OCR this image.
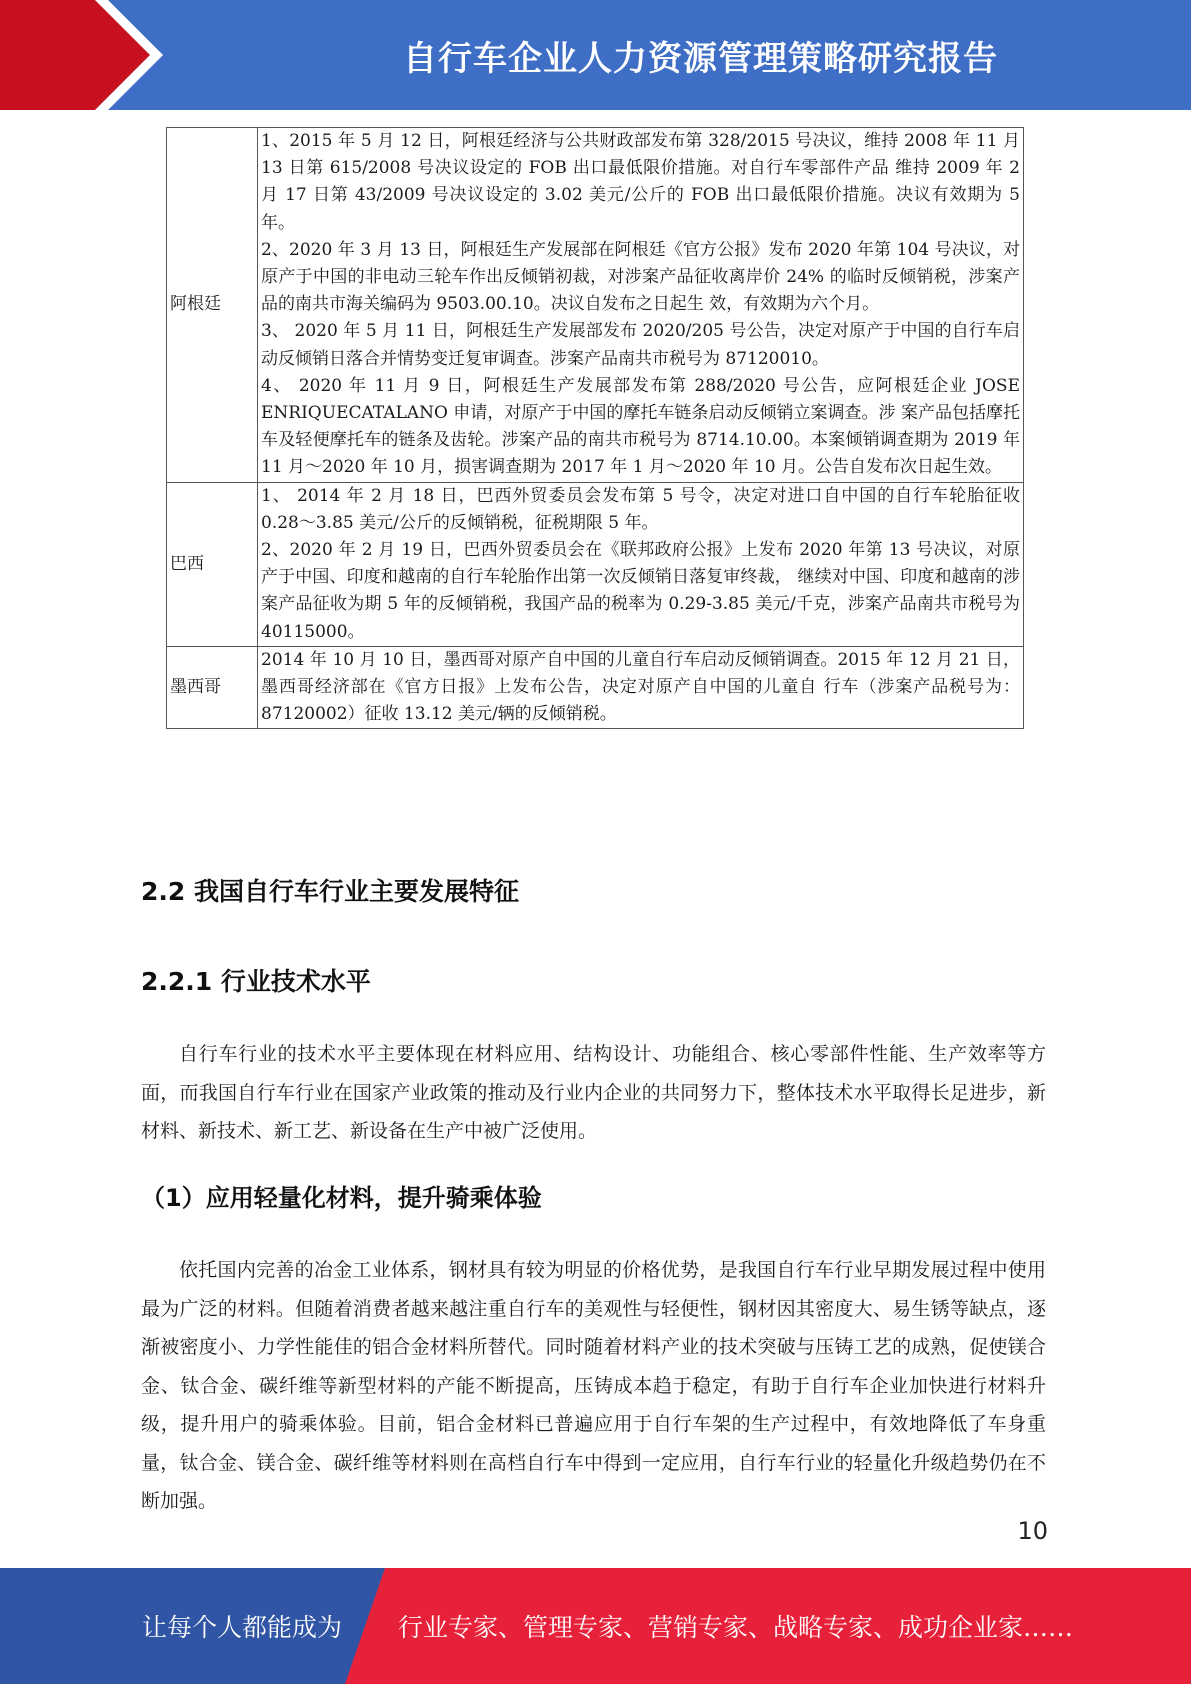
自行车企业人力资源管理策略研究报告
阿根廷	1、2015 年 5 月 12 日，阿根廷经济与公共财政部发布第 328/2015 号决议，维持 2008 年 11 月 13 日第 615/2008 号决议设定的 FOB 出口最低限价措施。对自行车零部件产品 维持 2009 年 2 月 17 日第 43/2009 号决议设定的 3.02 美元/公斤的 FOB 出口最低限价措施。决议有效期为 5 年。

2、2020 年 3 月 13 日，阿根廷生产发展部在阿根廷《官方公报》发布 2020 年第 104 号决议，对原产于中国的非电动三轮车作出反倾销初裁，对涉案产品征收离岸价 24% 的临时反倾销税，涉案产品的南共市海关编码为 9503.00.10。决议自发布之日起生 效，有效期为六个月。

3、 2020 年 5 月 11 日，阿根廷生产发展部发布 2020/205 号公告，决定对原产于中国的自行车启动反倾销日落合并情势变迁复审调查。涉案产品南共市税号为 87120010。

4、 2020 年 11 月 9 日，阿根廷生产发展部发布第 288/2020 号公告，应阿根廷企业 JOSE ENRIQUECATALANO 申请，对原产于中国的摩托车链条启动反倾销立案调查。涉 案产品包括摩托车及轻便摩托车的链条及齿轮。涉案产品的南共市税号为 8714.10.00。本案倾销调查期为 2019 年 11 月～2020 年 10 月，损害调查期为 2017 年 1 月～2020 年 10 月。公告自发布次日起生效。

巴西	1、 2014 年 2 月 18 日，巴西外贸委员会发布第 5 号令，决定对进口自中国的自行车轮胎征收 0.28～3.85 美元/公斤的反倾销税，征税期限 5 年。

2、2020 年 2 月 19 日，巴西外贸委员会在《联邦政府公报》上发布 2020 年第 13 号决议，对原产于中国、印度和越南的自行车轮胎作出第一次反倾销日落复审终裁， 继续对中国、印度和越南的涉案产品征收为期 5 年的反倾销税，我国产品的税率为 0.29-3.85 美元/千克，涉案产品南共市税号为 40115000。

墨西哥	2014 年 10 月 10 日，墨西哥对原产自中国的儿童自行车启动反倾销调查。2015 年 12 月 21 日，墨西哥经济部在《官方日报》上发布公告，决定对原产自中国的儿童自 行车（涉案产品税号为：87120002）征收 13.12 美元/辆的反倾销税。

2.2 我国自行车行业主要发展特征
2.2.1 行业技术水平

自行车行业的技术水平主要体现在材料应用、结构设计、功能组合、核心零部件性能、生产效率等方面，而我国自行车行业在国家产业政策的推动及行业内企业的共同努力下，整体技术水平取得长足进步，新材料、新技术、新工艺、新设备在生产中被广泛使用。

（1）应用轻量化材料，提升骑乘体验

依托国内完善的冶金工业体系，钢材具有较为明显的价格优势，是我国自行车行业早期发展过程中使用最为广泛的材料。但随着消费者越来越注重自行车的美观性与轻便性，钢材因其密度大、易生锈等缺点，逐渐被密度小、力学性能佳的铝合金材料所替代。同时随着材料产业的技术突破与压铸工艺的成熟，促使镁合金、钛合金、碳纤维等新型材料的产能不断提高，压铸成本趋于稳定，有助于自行车企业加快进行材料升级，提升用户的骑乘体验。目前，铝合金材料已普遍应用于自行车架的生产过程中，有效地降低了车身重量，钛合金、镁合金、碳纤维等材料则在高档自行车中得到一定应用，自行车行业的轻量化升级趋势仍在不断加强。

10
让每个人都能成为 行业专家、管理专家、营销专家、战略专家、成功企业家……
